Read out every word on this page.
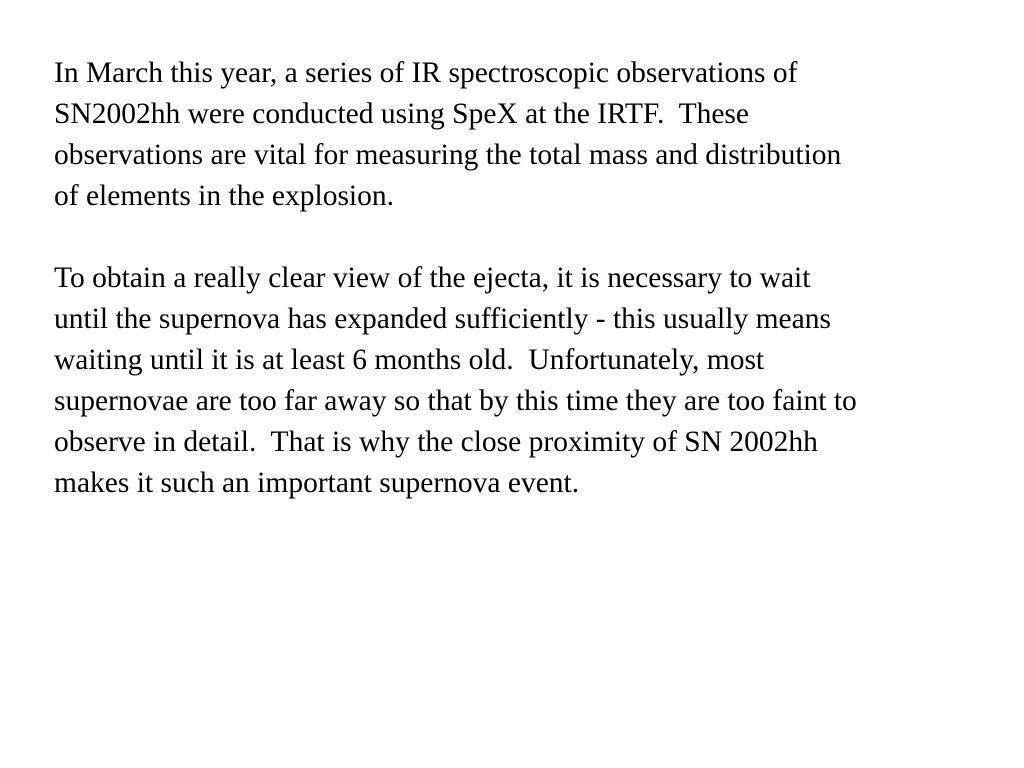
In March this year, a series of IR spectroscopic observations of
SN2002hh were conducted using SpeX at the IRTF.  These
observations are vital for measuring the total mass and distribution
of elements in the explosion.

To obtain a really clear view of the ejecta, it is necessary to wait
until the supernova has expanded sufficiently - this usually means
waiting until it is at least 6 months old.  Unfortunately, most
supernovae are too far away so that by this time they are too faint to
observe in detail.  That is why the close proximity of SN 2002hh
makes it such an important supernova event.
